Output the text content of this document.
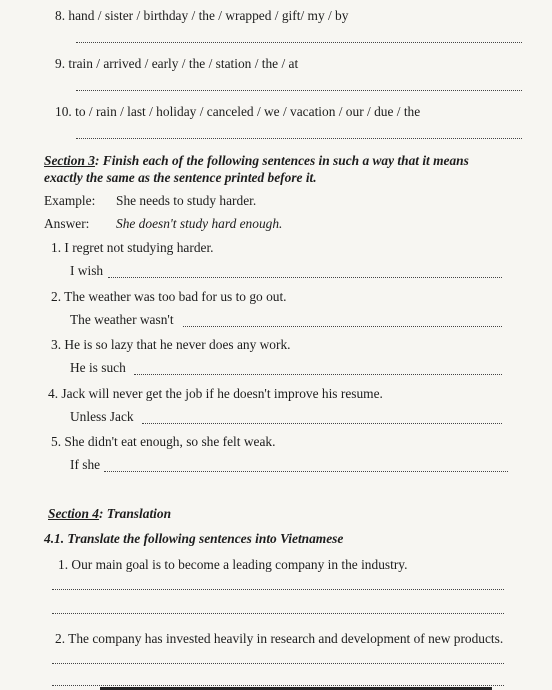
8. hand / sister / birthday / the / wrapped / gift/ my / by
9. train / arrived / early / the / station / the / at
10. to / rain / last / holiday / canceled / we / vacation / our / due / the
Section 3: Finish each of the following sentences in such a way that it means
exactly the same as the sentence printed before it.
Example: She needs to study harder.
Answer: She doesn't study hard enough.
1. I regret not studying harder.
I wish
2. The weather was too bad for us to go out.
The weather wasn't
3. He is so lazy that he never does any work.
He is such
4. Jack will never get the job if he doesn't improve his resume.
Unless Jack
5. She didn't eat enough, so she felt weak.
If she
Section 4: Translation
4.1. Translate the following sentences into Vietnamese
1. Our main goal is to become a leading company in the industry.
2. The company has invested heavily in research and development of new products.
